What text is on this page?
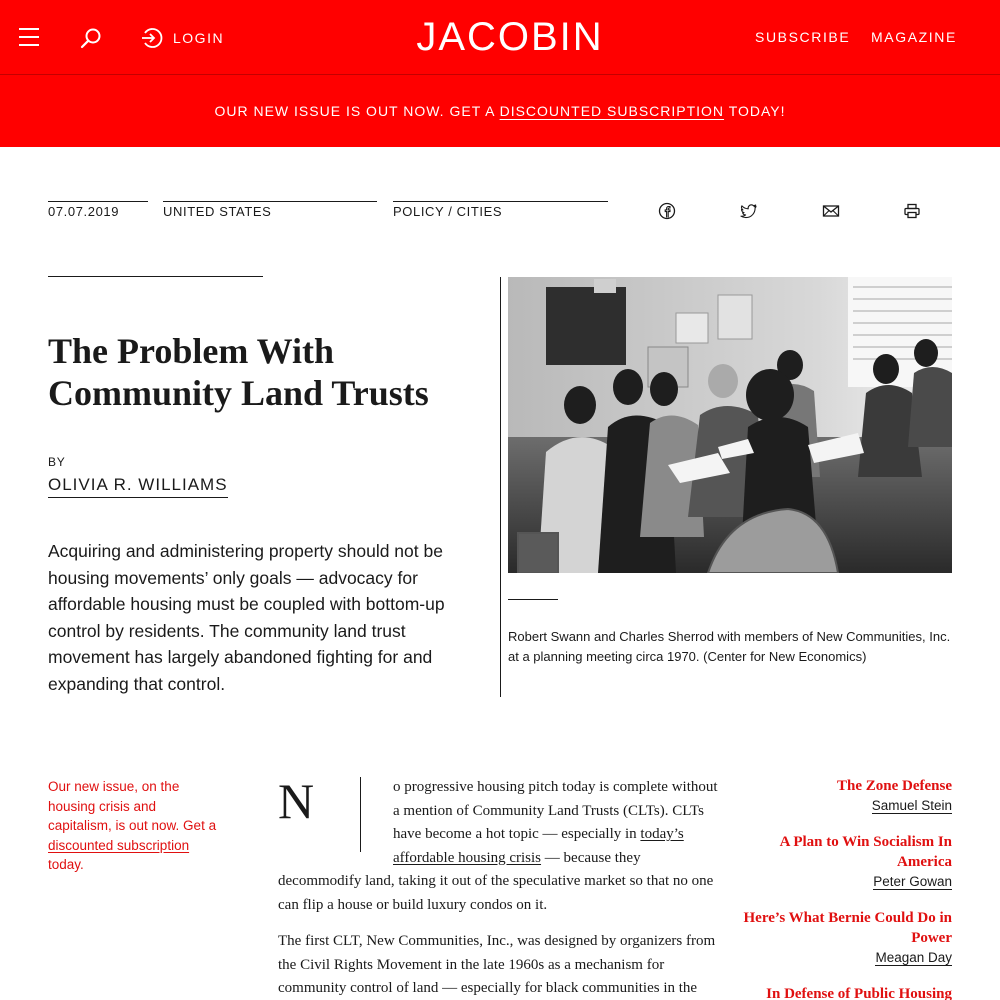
LOGIN	JACOBIN	SUBSCRIBE MAGAZINE
OUR NEW ISSUE IS OUT NOW. GET A DISCOUNTED SUBSCRIPTION TODAY!
07.07.2019	UNITED STATES	POLICY / CITIES
The Problem With Community Land Trusts
BY
OLIVIA R. WILLIAMS

Acquiring and administering property should not be housing movements’ only goals — advocacy for affordable housing must be coupled with bottom-up control by residents. The community land trust movement has largely abandoned fighting for and expanding that control.

Robert Swann and Charles Sherrod with members of New Communities, Inc. at a planning meeting circa 1970. (Center for New Economics)

Our new issue, on the housing crisis and capitalism, is out now. Get a discounted subscription today.

N	o progressive housing pitch today is complete without a mention of Community Land Trusts (CLTs). CLTs have become a hot topic — especially in today’s affordable housing crisis — because they decommodify land, taking it out of the speculative market so that no one can flip a house or build luxury condos on it.

The first CLT, New Communities, Inc., was designed by organizers from the Civil Rights Movement in the late 1960s as a mechanism for community control of land — especially for black communities in the

The Zone Defense
Samuel Stein
A Plan to Win Socialism In America
Peter Gowan
Here’s What Bernie Could Do in Power
Meagan Day
In Defense of Public Housing
